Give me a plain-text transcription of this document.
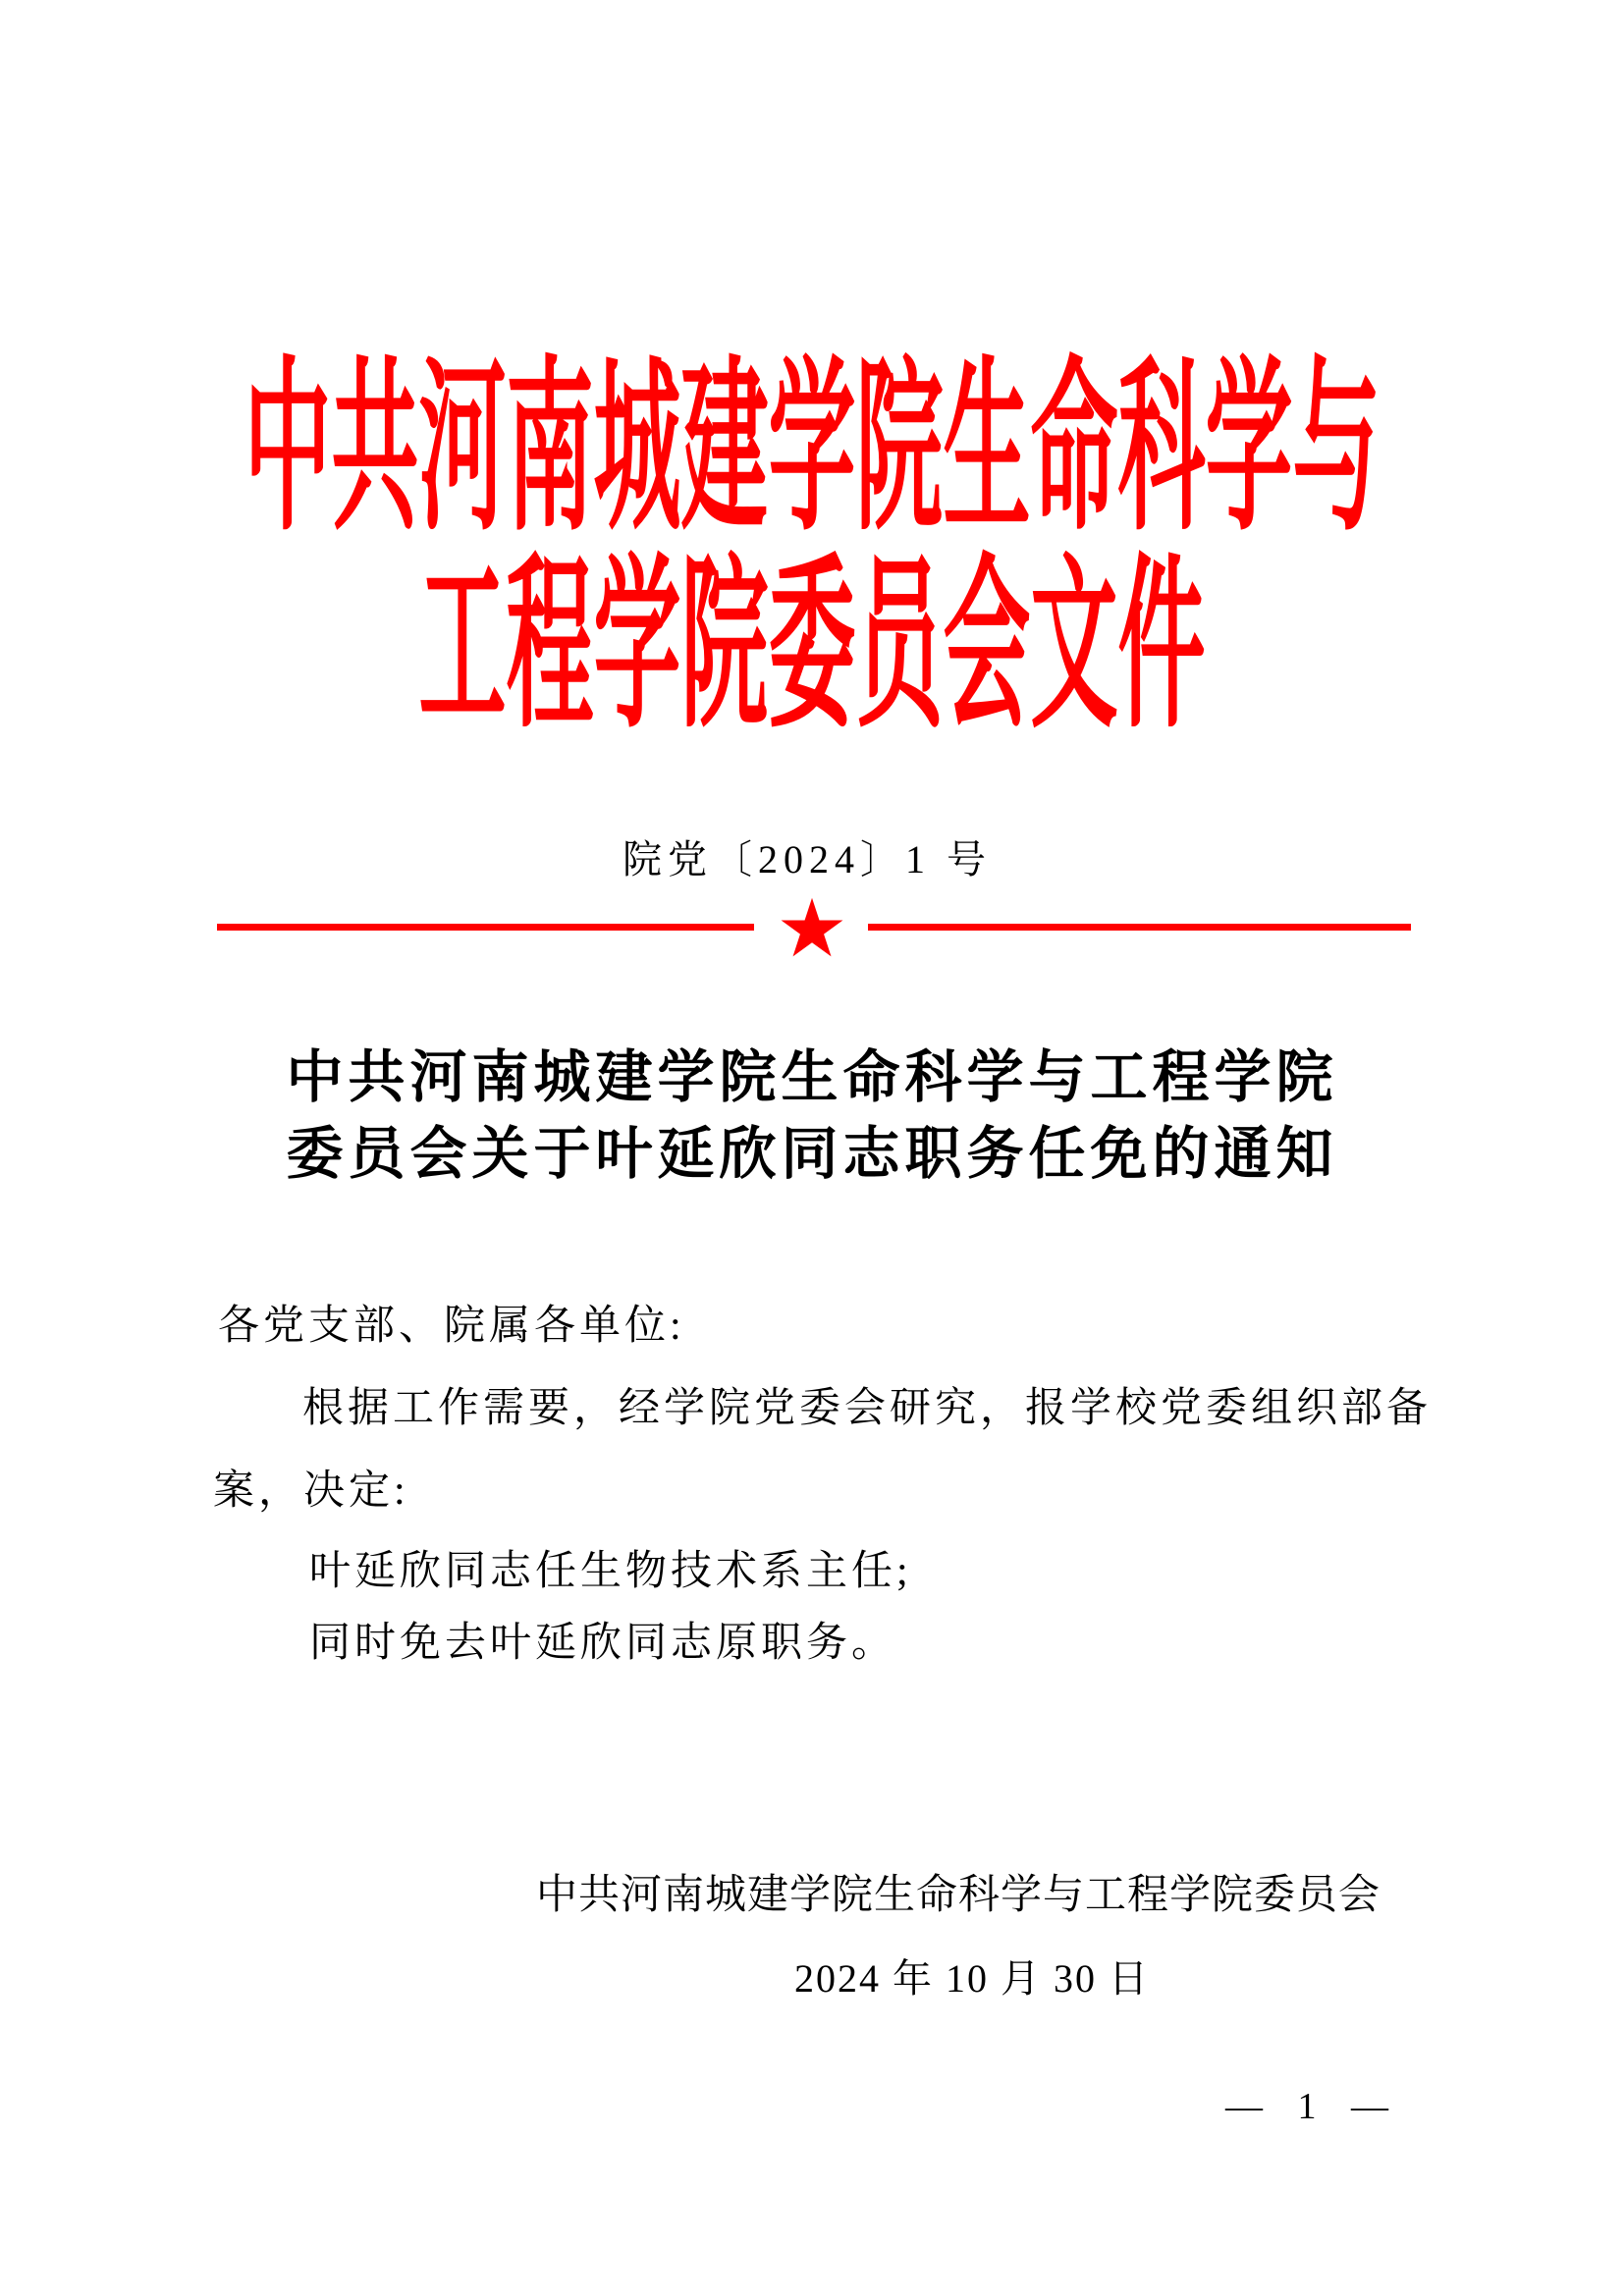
中共河南城建学院生命科学与
工程学院委员会文件
院党〔2024〕1 号
★
中共河南城建学院生命科学与工程学院
委员会关于叶延欣同志职务任免的通知
各党支部、院属各单位:
根据工作需要，经学院党委会研究，报学校党委组织部备
案，决定:
叶延欣同志任生物技术系主任;
同时免去叶延欣同志原职务。
中共河南城建学院生命科学与工程学院委员会
2024 年 10 月 30 日
— 1 —
